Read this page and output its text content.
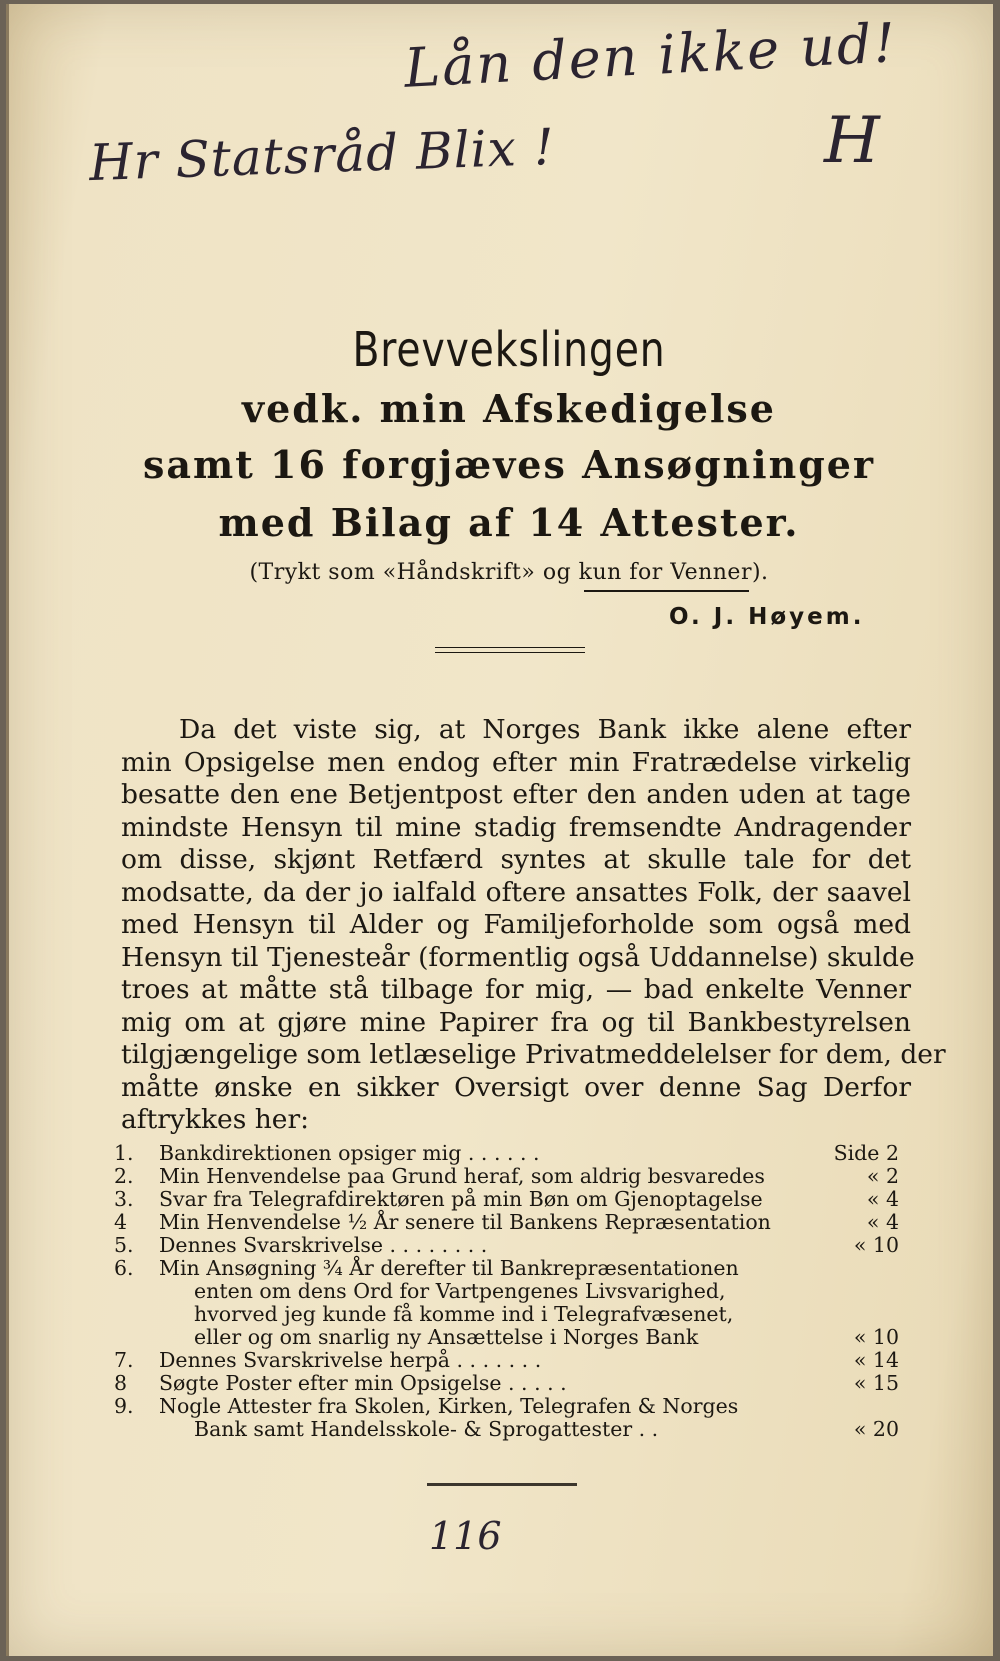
Lån den ikke ud!
Hr Statsråd Blix !	H
Brevvekslingen
vedk. min Afskedigelse
samt 16 forgjæves Ansøgninger
med Bilag af 14 Attester.
(Trykt som «Håndskrift» og kun for Venner).
O. J. Høyem.
Da det viste sig, at Norges Bank ikke alene efter
min Opsigelse men endog efter min Fratrædelse virkelig
besatte den ene Betjentpost efter den anden uden at tage
mindste Hensyn til mine stadig fremsendte Andragender
om disse, skjønt Retfærd syntes at skulle tale for det
modsatte, da der jo ialfald oftere ansattes Folk, der saavel
med Hensyn til Alder og Familjeforholde som også med
Hensyn til Tjenesteår (formentlig også Uddannelse) skulde
troes at måtte stå tilbage for mig, — bad enkelte Venner
mig om at gjøre mine Papirer fra og til Bankbestyrelsen
tilgjængelige som letlæselige Privatmeddelelser for dem, der
måtte ønske en sikker Oversigt over denne Sag Derfor
aftrykkes her:
1.	Bankdirektionen opsiger mig . . . . . .	Side 2
2.	Min Henvendelse paa Grund heraf, som aldrig besvaredes	« 2
3.	Svar fra Telegrafdirektøren på min Bøn om Gjenoptagelse	« 4
4	Min Henvendelse ½ År senere til Bankens Repræsentation	« 4
5.	Dennes Svarskrivelse . . . . . . . .	« 10
6.	Min Ansøgning ¾ År derefter til Bankrepræsentationen
enten om dens Ord for Vartpengenes Livsvarighed,
hvorved jeg kunde få komme ind i Telegrafvæsenet,
eller og om snarlig ny Ansættelse i Norges Bank	« 10
7.	Dennes Svarskrivelse herpå . . . . . . .	« 14
8	Søgte Poster efter min Opsigelse . . . . .	« 15
9.	Nogle Attester fra Skolen, Kirken, Telegrafen & Norges
Bank samt Handelsskole- & Sprogattester . .	« 20
116
